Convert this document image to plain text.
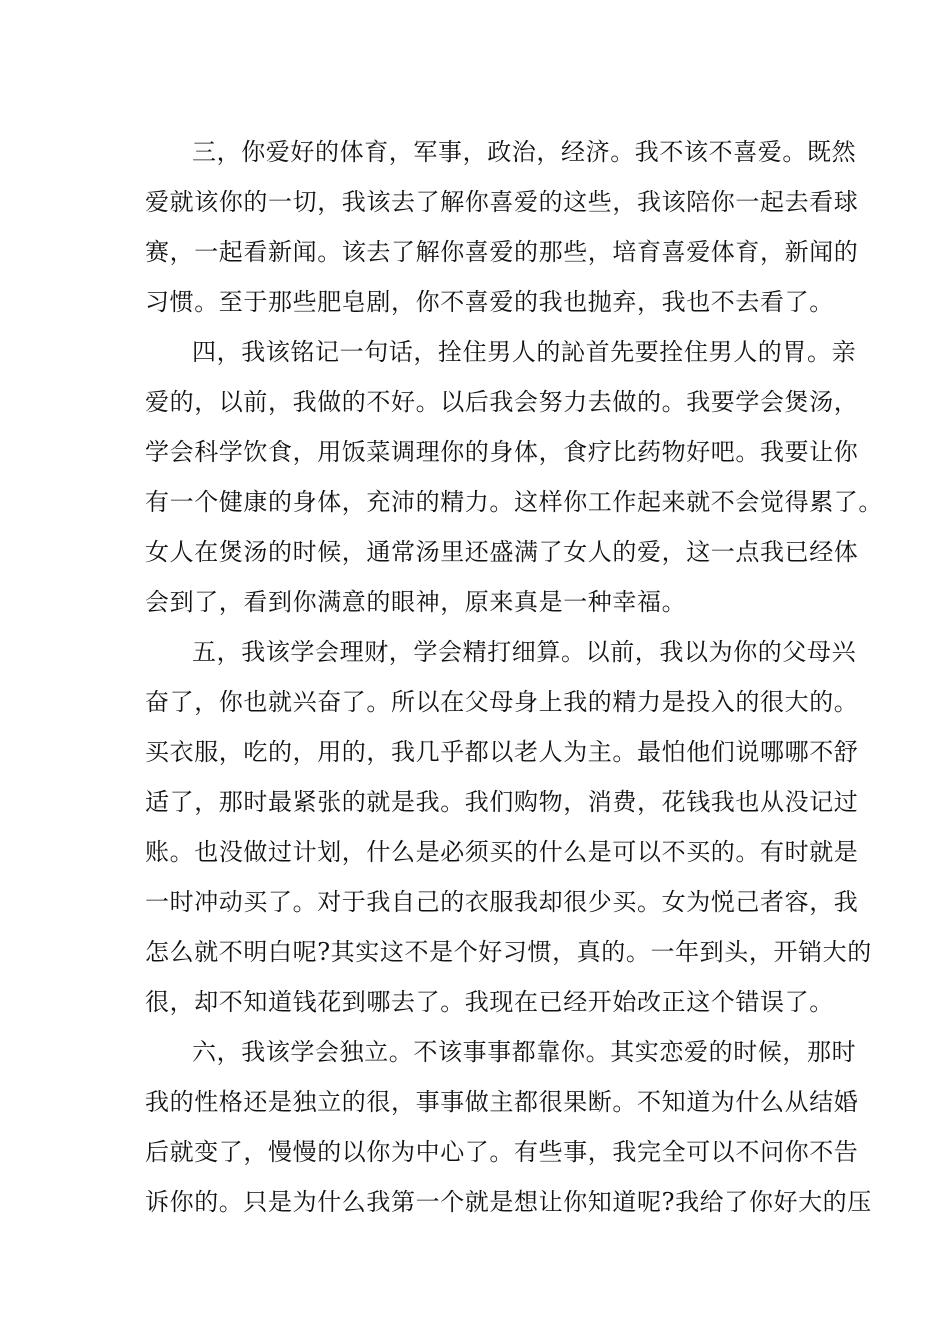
三，你爱好的体育，军事，政治，经济。我不该不喜爱。既然
爱就该你的一切，我该去了解你喜爱的这些，我该陪你一起去看球
赛，一起看新闻。该去了解你喜爱的那些，培育喜爱体育，新闻的
习惯。至于那些肥皂剧，你不喜爱的我也抛弃，我也不去看了。
四，我该铭记一句话，拴住男人的訫首先要拴住男人的胃。亲
爱的，以前，我做的不好。以后我会努力去做的。我要学会煲汤，
学会科学饮食，用饭菜调理你的身体，食疗比药物好吧。我要让你
有一个健康的身体，充沛的精力。这样你工作起来就不会觉得累了。
女人在煲汤的时候，通常汤里还盛满了女人的爱，这一点我已经体
会到了，看到你满意的眼神，原来真是一种幸福。
五，我该学会理财，学会精打细算。以前，我以为你的父母兴
奋了，你也就兴奋了。所以在父母身上我的精力是投入的很大的。
买衣服，吃的，用的，我几乎都以老人为主。最怕他们说哪哪不舒
适了，那时最紧张的就是我。我们购物，消费，花钱我也从没记过
账。也没做过计划，什么是必须买的什么是可以不买的。有时就是
一时冲动买了。对于我自己的衣服我却很少买。女为悦己者容，我
怎么就不明白呢?其实这不是个好习惯，真的。一年到头，开销大的
很，却不知道钱花到哪去了。我现在已经开始改正这个错误了。
六，我该学会独立。不该事事都靠你。其实恋爱的时候，那时
我的性格还是独立的很，事事做主都很果断。不知道为什么从结婚
后就变了，慢慢的以你为中心了。有些事，我完全可以不问你不告
诉你的。只是为什么我第一个就是想让你知道呢?我给了你好大的压
